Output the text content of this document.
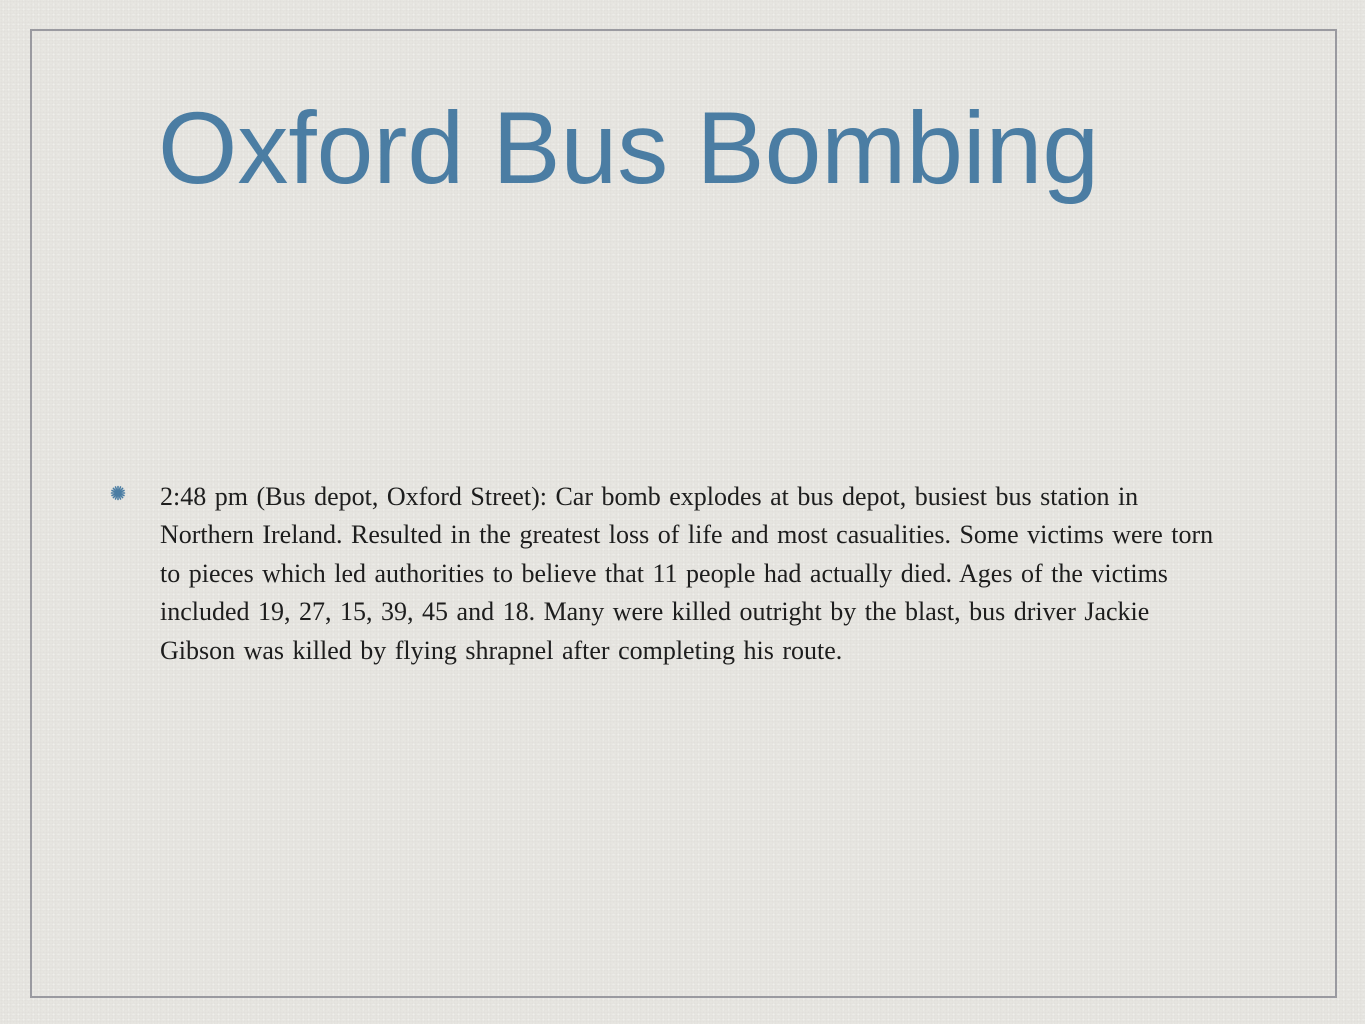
Oxford Bus Bombing
2:48 pm (Bus depot, Oxford Street): Car bomb explodes at bus depot, busiest bus station in Northern Ireland. Resulted in the greatest loss of life and most casualities. Some victims were torn to pieces which led authorities to believe that 11 people had actually died. Ages of the victims included 19, 27, 15, 39, 45 and 18. Many were killed outright by the blast, bus driver Jackie Gibson was killed by flying shrapnel after completing his route.
